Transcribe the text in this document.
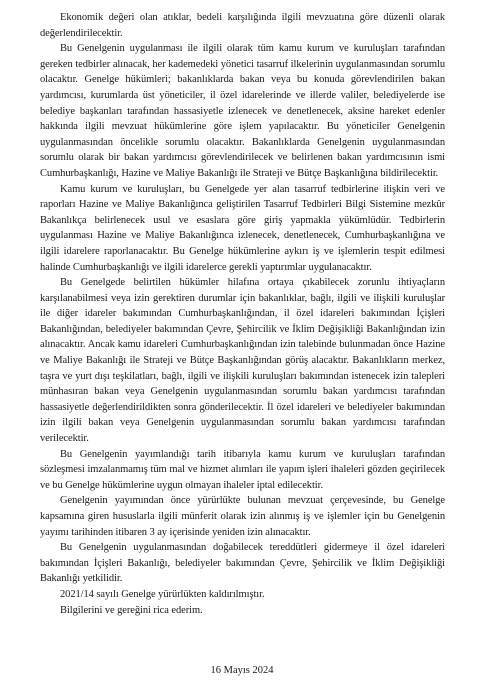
Ekonomik değeri olan atıklar, bedeli karşılığında ilgili mevzuatına göre düzenli olarak değerlendirilecektir.

Bu Genelgenin uygulanması ile ilgili olarak tüm kamu kurum ve kuruluşları tarafından gereken tedbirler alınacak, her kademedeki yönetici tasarruf ilkelerinin uygulanmasından sorumlu olacaktır. Genelge hükümleri; bakanlıklarda bakan veya bu konuda görevlendirilen bakan yardımcısı, kurumlarda üst yöneticiler, il özel idarelerinde ve illerde valiler, belediyelerde ise belediye başkanları tarafından hassasiyetle izlenecek ve denetlenecek, aksine hareket edenler hakkında ilgili mevzuat hükümlerine göre işlem yapılacaktır. Bu yöneticiler Genelgenin uygulanmasından öncelikle sorumlu olacaktır. Bakanlıklarda Genelgenin uygulanmasından sorumlu olarak bir bakan yardımcısı görevlendirilecek ve belirlenen bakan yardımcısının ismi Cumhurbaşkanlığı, Hazine ve Maliye Bakanlığı ile Strateji ve Bütçe Başkanlığına bildirilecektir.

Kamu kurum ve kuruluşları, bu Genelgede yer alan tasarruf tedbirlerine ilişkin veri ve raporları Hazine ve Maliye Bakanlığınca geliştirilen Tasarruf Tedbirleri Bilgi Sistemine mezkûr Bakanlıkça belirlenecek usul ve esaslara göre giriş yapmakla yükümlüdür. Tedbirlerin uygulanması Hazine ve Maliye Bakanlığınca izlenecek, denetlenecek, Cumhurbaşkanlığına ve ilgili idarelere raporlanacaktır. Bu Genelge hükümlerine aykırı iş ve işlemlerin tespit edilmesi halinde Cumhurbaşkanlığı ve ilgili idarelerce gerekli yaptırımlar uygulanacaktır.

Bu Genelgede belirtilen hükümler hilafına ortaya çıkabilecek zorunlu ihtiyaçların karşılanabilmesi veya izin gerektiren durumlar için bakanlıklar, bağlı, ilgili ve ilişkili kuruluşlar ile diğer idareler bakımından Cumhurbaşkanlığından, il özel idareleri bakımından İçişleri Bakanlığından, belediyeler bakımından Çevre, Şehircilik ve İklim Değişikliği Bakanlığından izin alınacaktır. Ancak kamu idareleri Cumhurbaşkanlığından izin talebinde bulunmadan önce Hazine ve Maliye Bakanlığı ile Strateji ve Bütçe Başkanlığından görüş alacaktır. Bakanlıkların merkez, taşra ve yurt dışı teşkilatları, bağlı, ilgili ve ilişkili kuruluşları bakımından istenecek izin talepleri münhasıran bakan veya Genelgenin uygulanmasından sorumlu bakan yardımcısı tarafından hassasiyetle değerlendirildikten sonra gönderilecektir. İl özel idareleri ve belediyeler bakımından izin ilgili bakan veya Genelgenin uygulanmasından sorumlu bakan yardımcısı tarafından verilecektir.

Bu Genelgenin yayımlandığı tarih itibarıyla kamu kurum ve kuruluşları tarafından sözleşmesi imzalanmamış tüm mal ve hizmet alımları ile yapım işleri ihaleleri gözden geçirilecek ve bu Genelge hükümlerine uygun olmayan ihaleler iptal edilecektir.

Genelgenin yayımından önce yürürlükte bulunan mevzuat çerçevesinde, bu Genelge kapsamına giren hususlarla ilgili münferit olarak izin alınmış iş ve işlemler için bu Genelgenin yayımı tarihinden itibaren 3 ay içerisinde yeniden izin alınacaktır.

Bu Genelgenin uygulanmasından doğabilecek tereddütleri gidermeye il özel idareleri bakımından İçişleri Bakanlığı, belediyeler bakımından Çevre, Şehircilik ve İklim Değişikliği Bakanlığı yetkilidir.

2021/14 sayılı Genelge yürürlükten kaldırılmıştır.

Bilgilerini ve gereğini rica ederim.

16 Mayıs 2024
